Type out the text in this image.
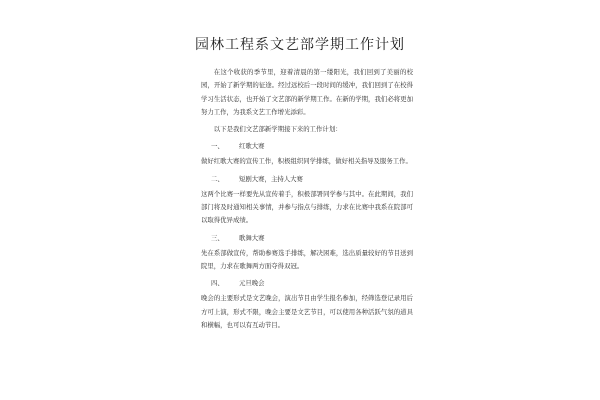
园林工程系文艺部学期工作计划

在这个收获的季节里，迎着清晨的第一缕阳光，我们回到了美丽的校园，开始了新学期的征途。经过远校后一段时间的缓冲，我们回到了在校得学习生活状态，也开始了文艺部的新学期工作。在新的学期，我们必将更加努力工作，为我系文艺工作增光添彩。

以下是我们文艺部新学期接下来的工作计划：

一、 红歌大赛

做好红歌大赛的宣传工作，积极组织同学排练，做好相关指导及服务工作。

二、 短剧大赛，主持人大赛

这两个比赛一样要先从宣传着手，积极部署同学参与其中。在此期间，我们部门将及时通知相关事情，并参与指点与排练，力求在比赛中我系在院部可以取得优异成绩。

三、 歌舞大赛

先在系部做宣传，帮助参赛选手排练，解决困难，选出质量较好的节目送到院里，力求在歌舞两方面夺得双冠。

四、 元旦晚会

晚会的主要形式是文艺晚会，演出节目由学生报名参加，经筛选登记录用后方可上演，形式不限，晚会主要是文艺节目，可以使用各种活跃气氛的道具和横幅，也可以有互动节目。
